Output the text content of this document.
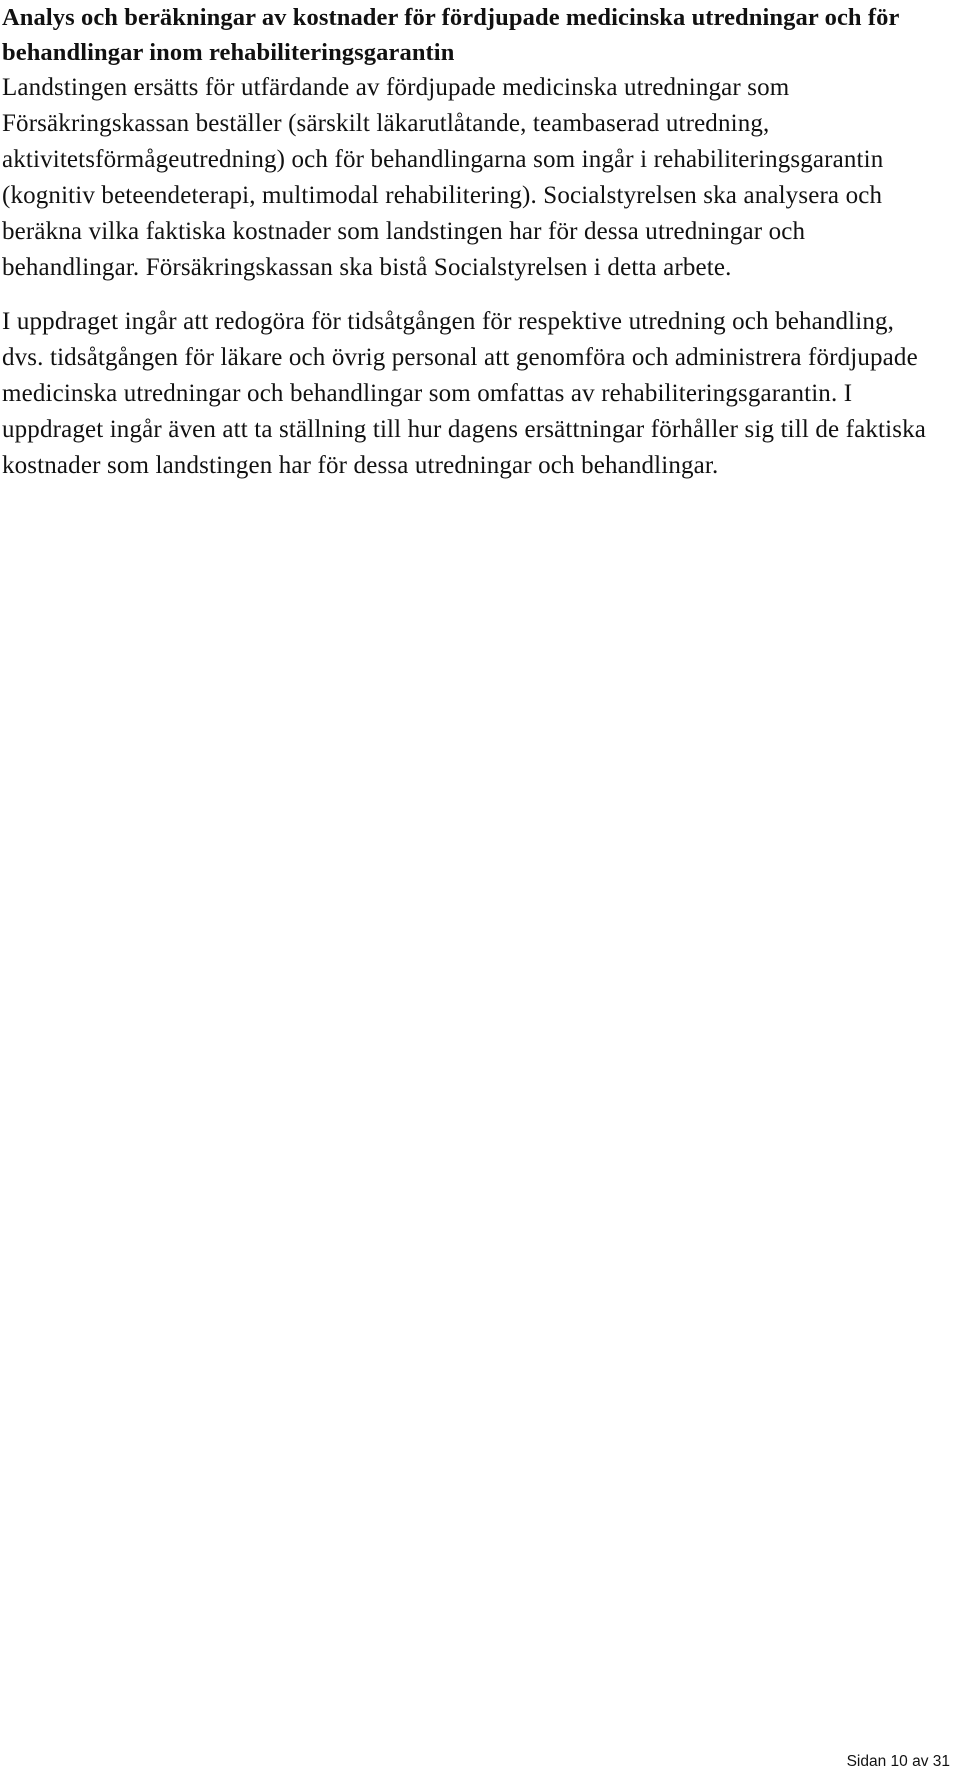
Analys och beräkningar av kostnader för fördjupade medicinska utredningar och för behandlingar inom rehabiliteringsgarantin

Landstingen ersätts för utfärdande av fördjupade medicinska utredningar som Försäkringskassan beställer (särskilt läkarutlåtande, teambaserad utredning, aktivitetsförmågeutredning) och för behandlingarna som ingår i rehabiliteringsgarantin (kognitiv beteendeterapi, multimodal rehabilitering). Socialstyrelsen ska analysera och beräkna vilka faktiska kostnader som landstingen har för dessa utredningar och behandlingar. Försäkringskassan ska bistå Socialstyrelsen i detta arbete.

I uppdraget ingår att redogöra för tidsåtgången för respektive utredning och behandling, dvs. tidsåtgången för läkare och övrig personal att genomföra och administrera fördjupade medicinska utredningar och behandlingar som omfattas av rehabiliteringsgarantin. I uppdraget ingår även att ta ställning till hur dagens ersättningar förhåller sig till de faktiska kostnader som landstingen har för dessa utredningar och behandlingar.

Sidan 10 av 31
